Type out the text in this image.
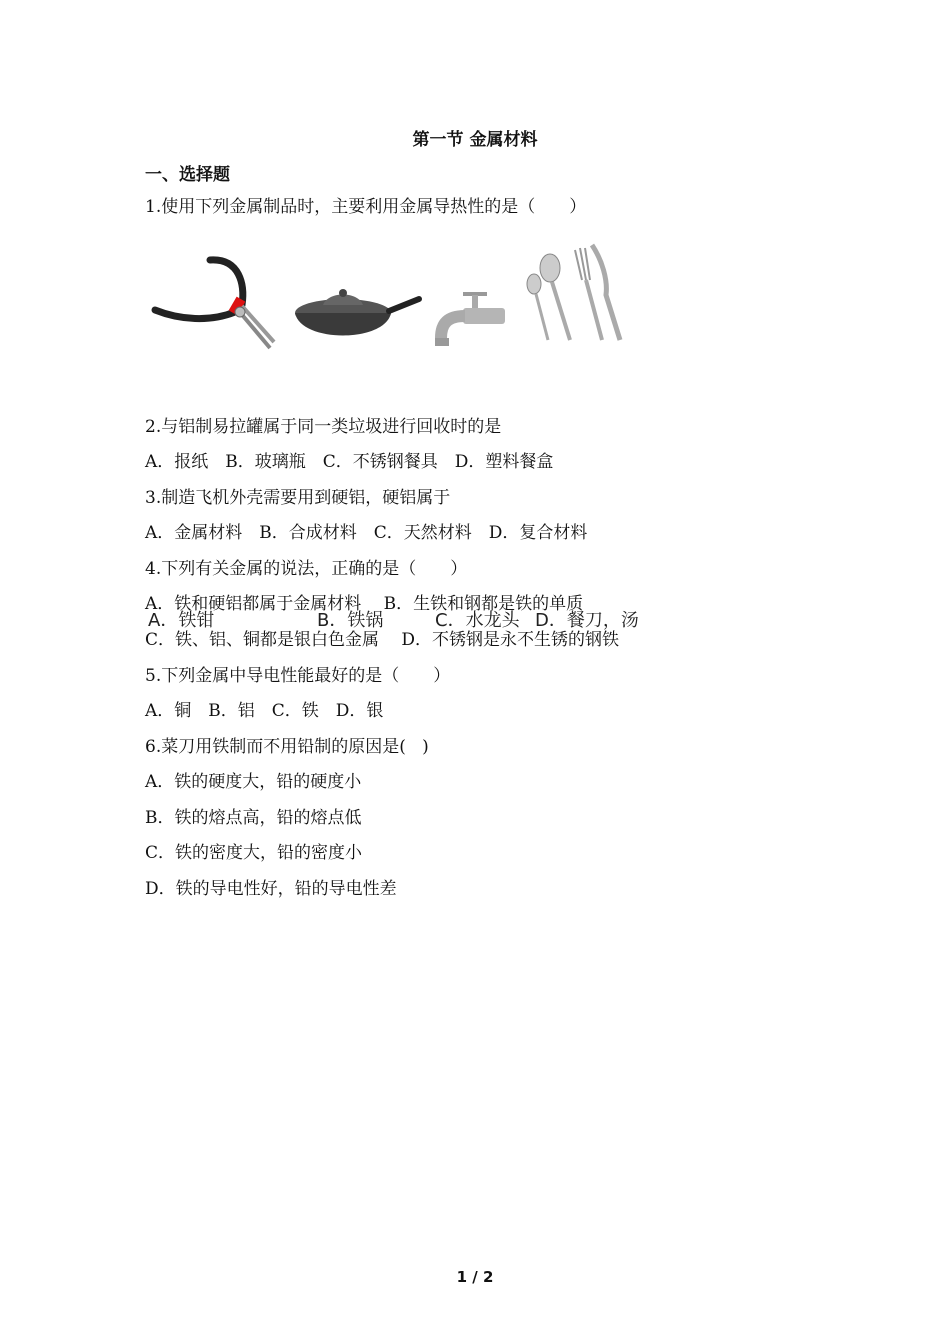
第一节 金属材料
一、选择题
1.使用下列金属制品时，主要利用金属导热性的是（　　）
A．铁钳	B．铁锅	C．水龙头 D．餐刀，汤
2.与铝制易拉罐属于同一类垃圾进行回收时的是
A．报纸　B．玻璃瓶　C．不锈钢餐具　D．塑料餐盒
3.制造飞机外壳需要用到硬铝，硬铝属于
A．金属材料　B．合成材料　C．天然材料　D．复合材料
4.下列有关金属的说法，正确的是（　　）
A．铁和硬铝都属于金属材料　 B．生铁和钢都是铁的单质
C．铁、铝、铜都是银白色金属　 D．不锈钢是永不生锈的钢铁
5.下列金属中导电性能最好的是（　　）
A．铜　B．铝　C．铁　D．银
6.菜刀用铁制而不用铅制的原因是(   )
A．铁的硬度大，铅的硬度小
B．铁的熔点高，铅的熔点低
C．铁的密度大，铅的密度小
D．铁的导电性好，铅的导电性差
1 / 2
